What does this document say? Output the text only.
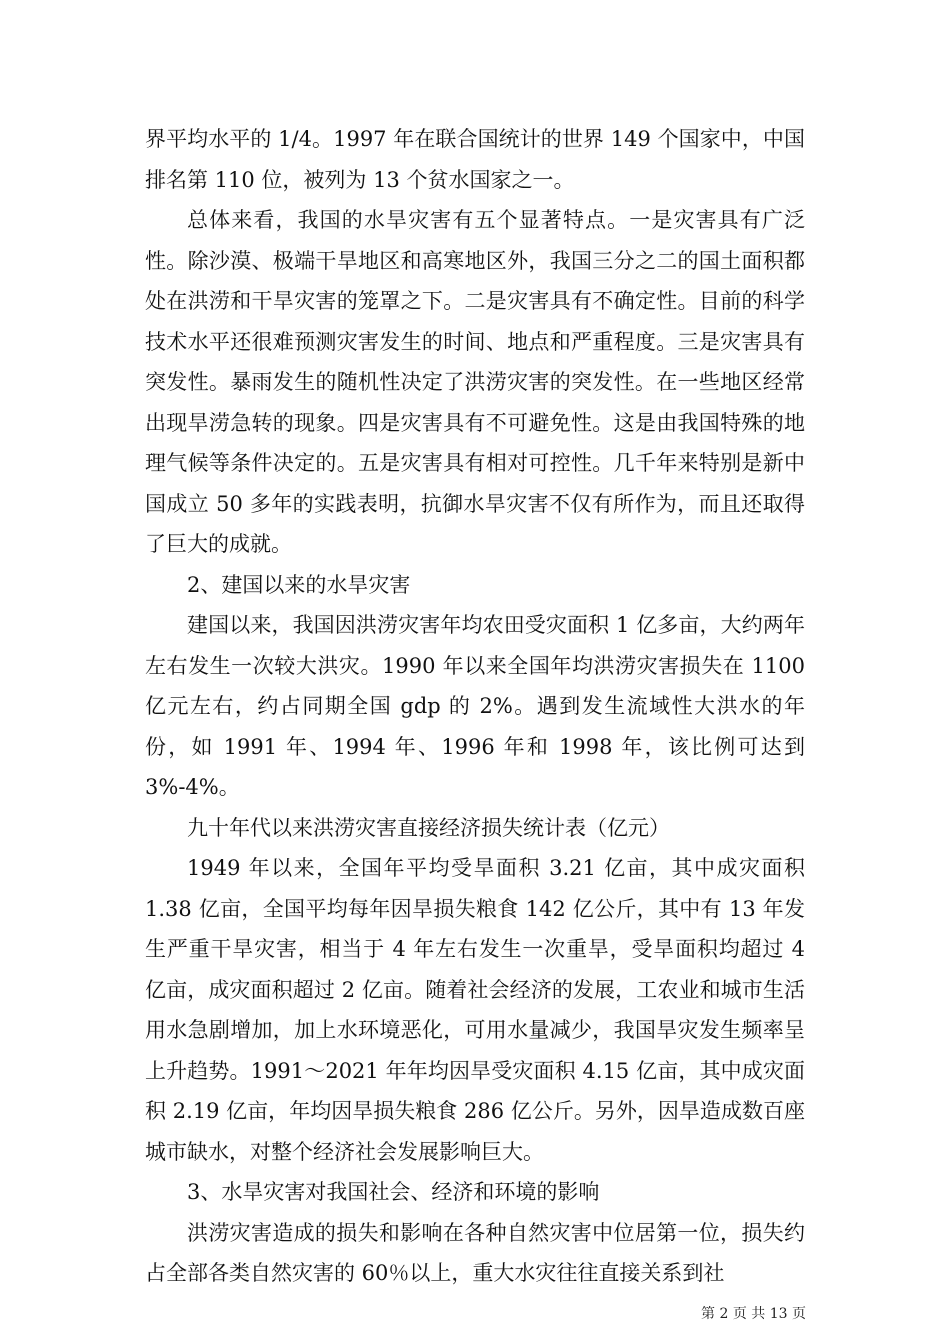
界平均水平的 1/4。1997 年在联合国统计的世界 149 个国家中，中国排名第 110 位，被列为 13 个贫水国家之一。

总体来看，我国的水旱灾害有五个显著特点。一是灾害具有广泛性。除沙漠、极端干旱地区和高寒地区外，我国三分之二的国土面积都处在洪涝和干旱灾害的笼罩之下。二是灾害具有不确定性。目前的科学技术水平还很难预测灾害发生的时间、地点和严重程度。三是灾害具有突发性。暴雨发生的随机性决定了洪涝灾害的突发性。在一些地区经常出现旱涝急转的现象。四是灾害具有不可避免性。这是由我国特殊的地理气候等条件决定的。五是灾害具有相对可控性。几千年来特别是新中国成立 50 多年的实践表明，抗御水旱灾害不仅有所作为，而且还取得了巨大的成就。

2、建国以来的水旱灾害

建国以来，我国因洪涝灾害年均农田受灾面积 1 亿多亩，大约两年左右发生一次较大洪灾。1990 年以来全国年均洪涝灾害损失在 1100 亿元左右，约占同期全国 gdp 的 2%。遇到发生流域性大洪水的年份，如 1991 年、1994 年、1996 年和 1998 年，该比例可达到 3%-4%。

九十年代以来洪涝灾害直接经济损失统计表（亿元）

1949 年以来，全国年平均受旱面积 3.21 亿亩，其中成灾面积 1.38 亿亩，全国平均每年因旱损失粮食 142 亿公斤，其中有 13 年发生严重干旱灾害，相当于 4 年左右发生一次重旱，受旱面积均超过 4 亿亩，成灾面积超过 2 亿亩。随着社会经济的发展，工农业和城市生活用水急剧增加，加上水环境恶化，可用水量减少，我国旱灾发生频率呈上升趋势。1991～2021 年年均因旱受灾面积 4.15 亿亩，其中成灾面积 2.19 亿亩，年均因旱损失粮食 286 亿公斤。另外，因旱造成数百座城市缺水，对整个经济社会发展影响巨大。

3、水旱灾害对我国社会、经济和环境的影响

洪涝灾害造成的损失和影响在各种自然灾害中位居第一位，损失约占全部各类自然灾害的 60％以上，重大水灾往往直接关系到社

第 2 页 共 13 页
